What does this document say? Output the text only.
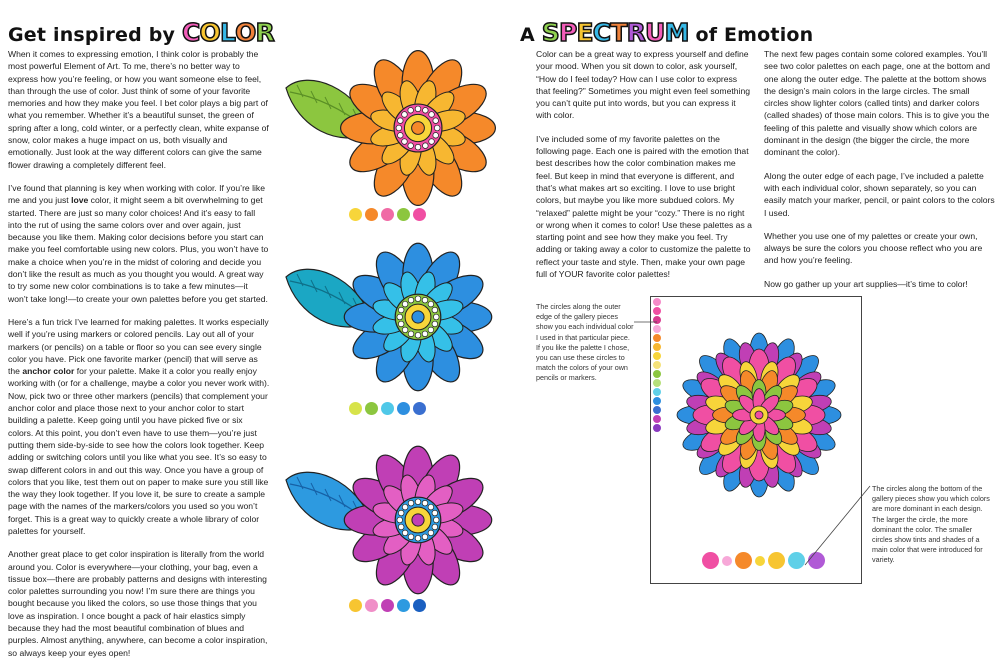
Get inspired by COLOR

When it comes to expressing emotion, I think color is probably the most powerful Element of Art. To me, there’s no better way to express how you’re feeling, or how you want someone else to feel, than through the use of color. Just think of some of your favorite memories and how they make you feel. I bet color plays a big part of what you remember. Whether it’s a beautiful sunset, the green of spring after a long, cold winter, or a perfectly clean, white expanse of snow, color makes a huge impact on us, both visually and emotionally. Just look at the way different colors can give the same flower drawing a completely different feel.

I’ve found that planning is key when working with color. If you’re like me and you just love color, it might seem a bit overwhelming to get started. There are just so many color choices! And it’s easy to fall into the rut of using the same colors over and over again, just because you like them. Making color decisions before you start can make you feel comfortable using new colors. Plus, you won’t have to make a choice when you’re in the midst of coloring and decide you don’t like the result as much as you thought you would. A great way to try some new color combinations is to take a few minutes—it won’t take long!—to create your own palettes before you get started.

Here’s a fun trick I’ve learned for making palettes. It works especially well if you’re using markers or colored pencils. Lay out all of your markers (or pencils) on a table or floor so you can see every single color you have. Pick one favorite marker (pencil) that will serve as the anchor color for your palette. Make it a color you really enjoy working with (or for a challenge, maybe a color you never work with). Now, pick two or three other markers (pencils) that complement your anchor color and place those next to your anchor color to start building a palette. Keep going until you have picked five or six colors. At this point, you don’t even have to use them—you’re just putting them side-by-side to see how the colors look together. Keep adding or switching colors until you like what you see. It’s so easy to swap different colors in and out this way. Once you have a group of colors that you like, test them out on paper to make sure you still like the way they look together. If you love it, be sure to create a sample page with the names of the markers/colors you used so you won’t forget. This is a great way to quickly create a whole library of color palettes for yourself.

Another great place to get color inspiration is literally from the world around you. Color is everywhere—your clothing, your bag, even a tissue box—there are probably patterns and designs with interesting color palettes surrounding you now! I’m sure there are things you bought because you liked the colors, so use those things that you love as inspiration. I once bought a pack of hair elastics simply because they had the most beautiful combination of blues and purples. Almost anything, anywhere, can become a color inspiration, so always keep your eyes open!

A SPECTRUM of Emotion

Color can be a great way to express yourself and define your mood. When you sit down to color, ask yourself, “How do I feel today? How can I use color to express that feeling?” Sometimes you might even feel something you can’t quite put into words, but you can express it with color.

I’ve included some of my favorite palettes on the following page. Each one is paired with the emotion that best describes how the color combination makes me feel. But keep in mind that everyone is different, and that’s what makes art so exciting. I love to use bright colors, but maybe you like more subdued colors. My “relaxed” palette might be your “cozy.” There is no right or wrong when it comes to color! Use these palettes as a starting point and see how they make you feel. Try adding or taking away a color to customize the palette to reflect your taste and style. Then, make your own page full of YOUR favorite color palettes!

The next few pages contain some colored examples. You’ll see two color palettes on each page, one at the bottom and one along the outer edge. The palette at the bottom shows the design’s main colors in the large circles. The small circles show lighter colors (called tints) and darker colors (called shades) of those main colors. This is to give you the feeling of this palette and visually show which colors are dominant in the design (the bigger the circle, the more dominant the color).

Along the outer edge of each page, I’ve included a palette with each individual color, shown separately, so you can easily match your marker, pencil, or paint colors to the colors I used.

Whether you use one of my palettes or create your own, always be sure the colors you choose reflect who you are and how you’re feeling.

Now go gather up your art supplies—it’s time to color!

The circles along the outer edge of the gallery pieces show you each individual color I used in that particular piece. If you like the palette I chose, you can use these circles to match the colors of your own pencils or markers.
The circles along the bottom of the gallery pieces show you which colors are more dominant in each design. The larger the circle, the more dominant the color. The smaller circles show tints and shades of a main color that were introduced for variety.
